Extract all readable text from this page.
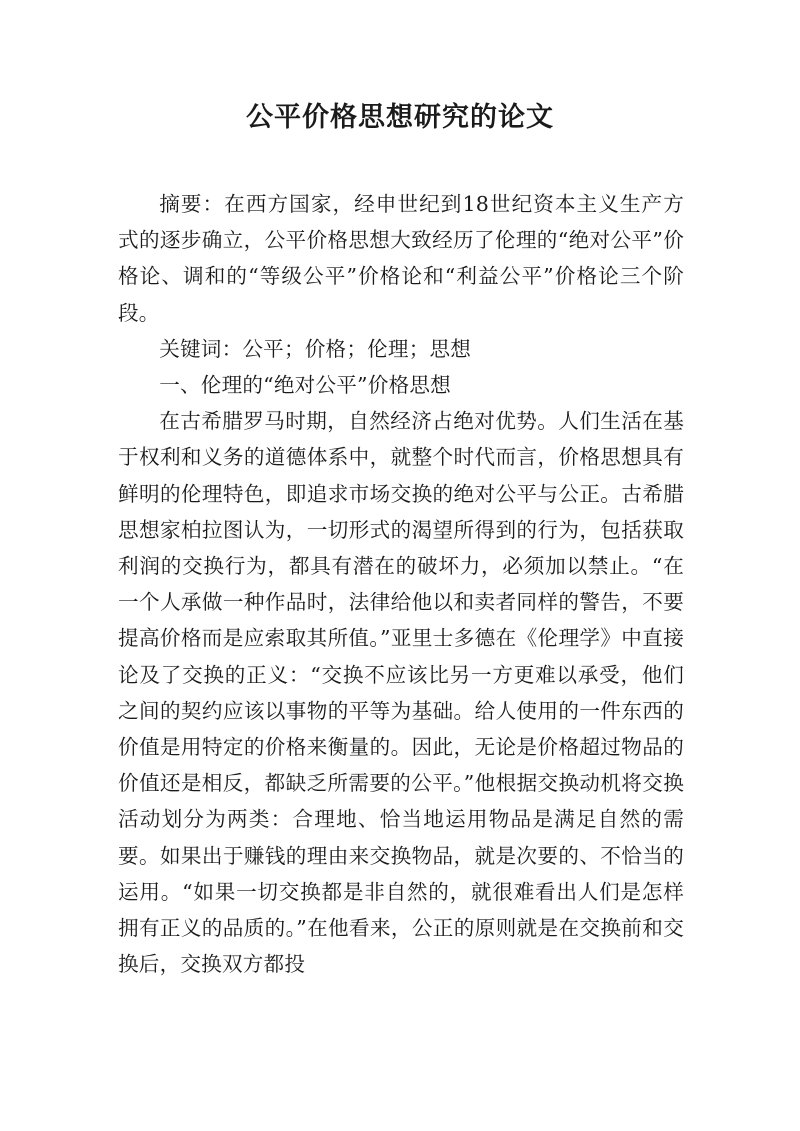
公平价格思想研究的论文

摘要：在西方国家，经申世纪到18世纪资本主义生产方式的逐步确立，公平价格思想大致经历了伦理的“绝对公平”价格论、调和的“等级公平”价格论和“利益公平”价格论三个阶段。

关键词：公平；价格；伦理；思想

一、伦理的“绝对公平”价格思想

在古希腊罗马时期，自然经济占绝对优势。人们生活在基于权利和义务的道德体系中，就整个时代而言，价格思想具有鲜明的伦理特色，即追求市场交换的绝对公平与公正。古希腊思想家柏拉图认为，一切形式的渴望所得到的行为，包括获取利润的交换行为，都具有潜在的破坏力，必须加以禁止。“在一个人承做一种作品时，法律给他以和卖者同样的警告，不要提高价格而是应索取其所值。”亚里士多德在《伦理学》中直接论及了交换的正义：“交换不应该比另一方更难以承受，他们之间的契约应该以事物的平等为基础。给人使用的一件东西的价值是用特定的价格来衡量的。因此，无论是价格超过物品的价值还是相反，都缺乏所需要的公平。”他根据交换动机将交换活动划分为两类：合理地、恰当地运用物品是满足自然的需要。如果出于赚钱的理由来交换物品，就是次要的、不恰当的运用。“如果一切交换都是非自然的，就很难看出人们是怎样拥有正义的品质的。”在他看来，公正的原则就是在交换前和交换后，交换双方都投
